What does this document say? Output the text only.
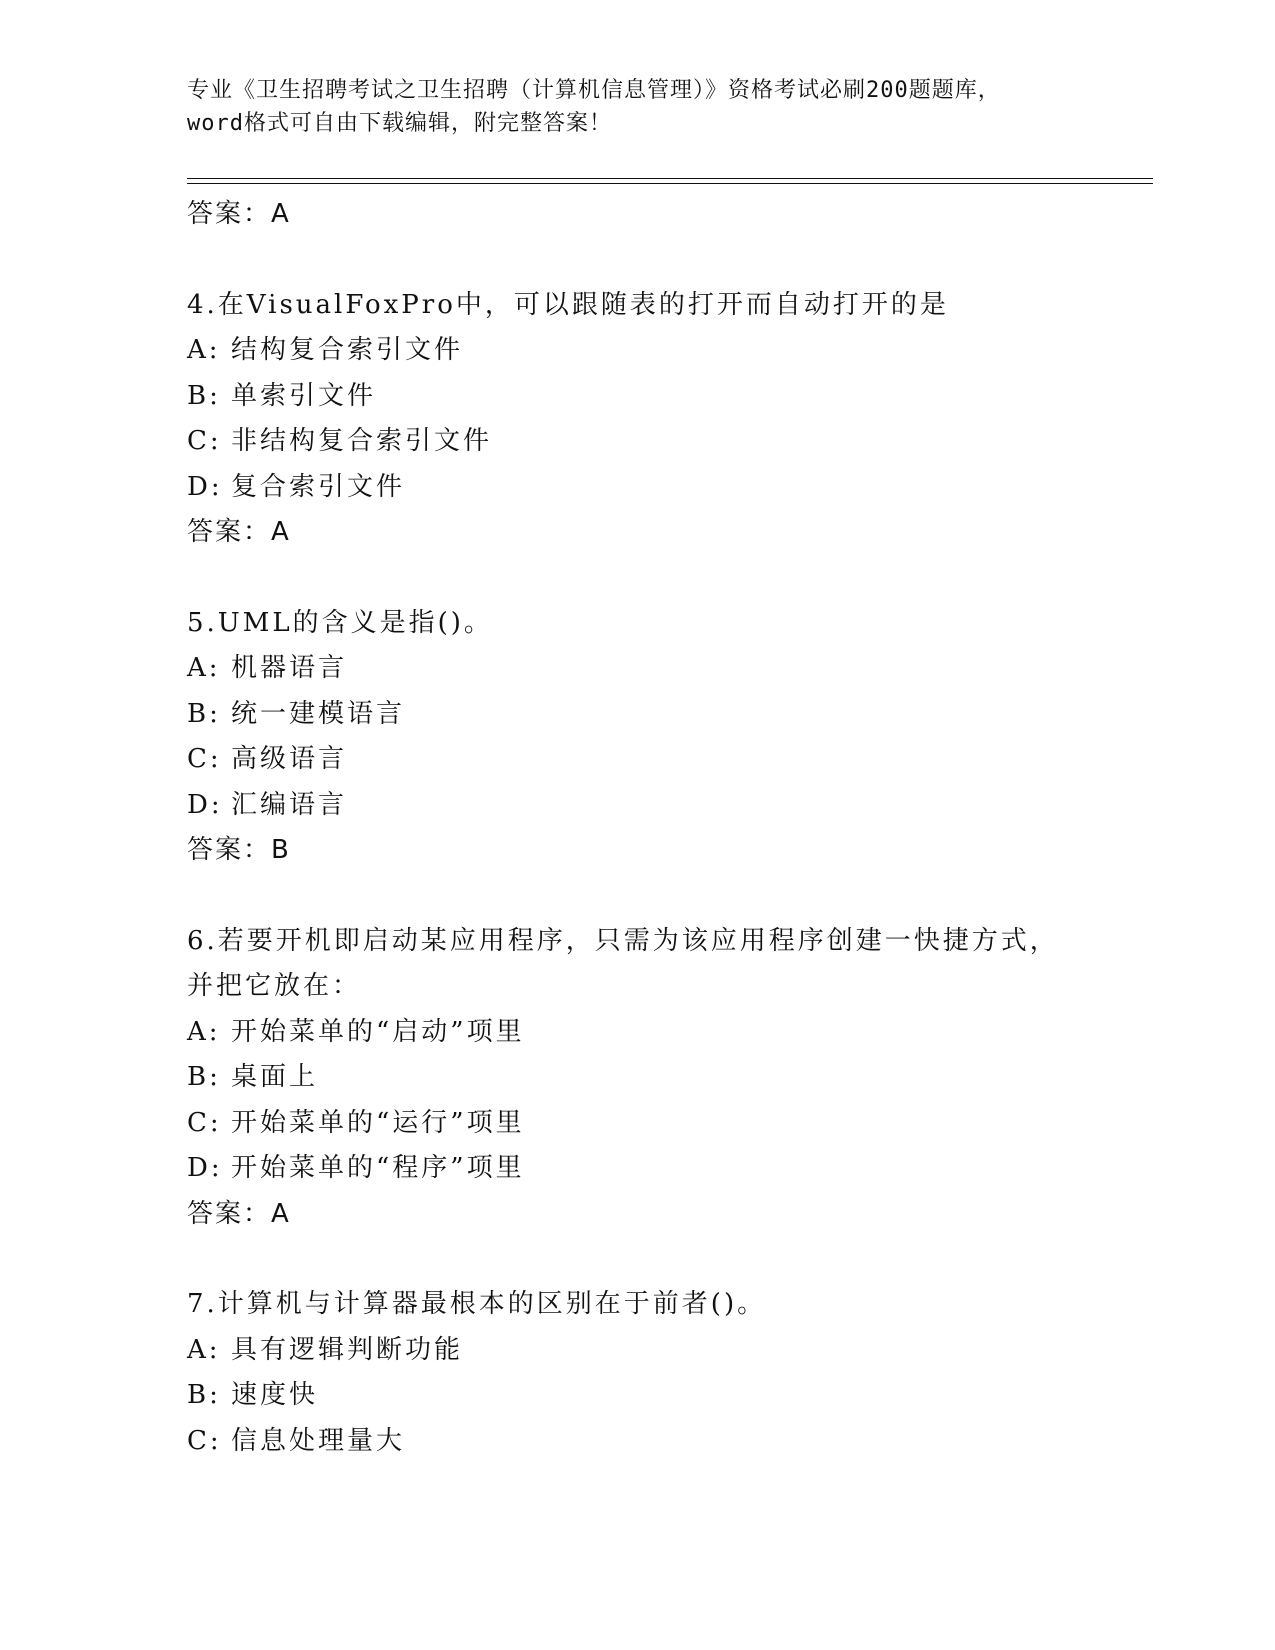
专业《卫生招聘考试之卫生招聘（计算机信息管理）》资格考试必刷200题题库，
word格式可自由下载编辑，附完整答案！

答案：A

4.在VisualFoxPro中，可以跟随表的打开而自动打开的是

A: 结构复合索引文件

B: 单索引文件

C: 非结构复合索引文件

D: 复合索引文件

答案：A

5.UML的含义是指()。

A: 机器语言

B: 统一建模语言

C: 高级语言

D: 汇编语言

答案：B

6.若要开机即启动某应用程序，只需为该应用程序创建一快捷方式，

并把它放在：

A: 开始菜单的“启动”项里

B: 桌面上

C: 开始菜单的“运行”项里

D: 开始菜单的“程序”项里

答案：A

7.计算机与计算器最根本的区别在于前者()。

A: 具有逻辑判断功能

B: 速度快

C: 信息处理量大
